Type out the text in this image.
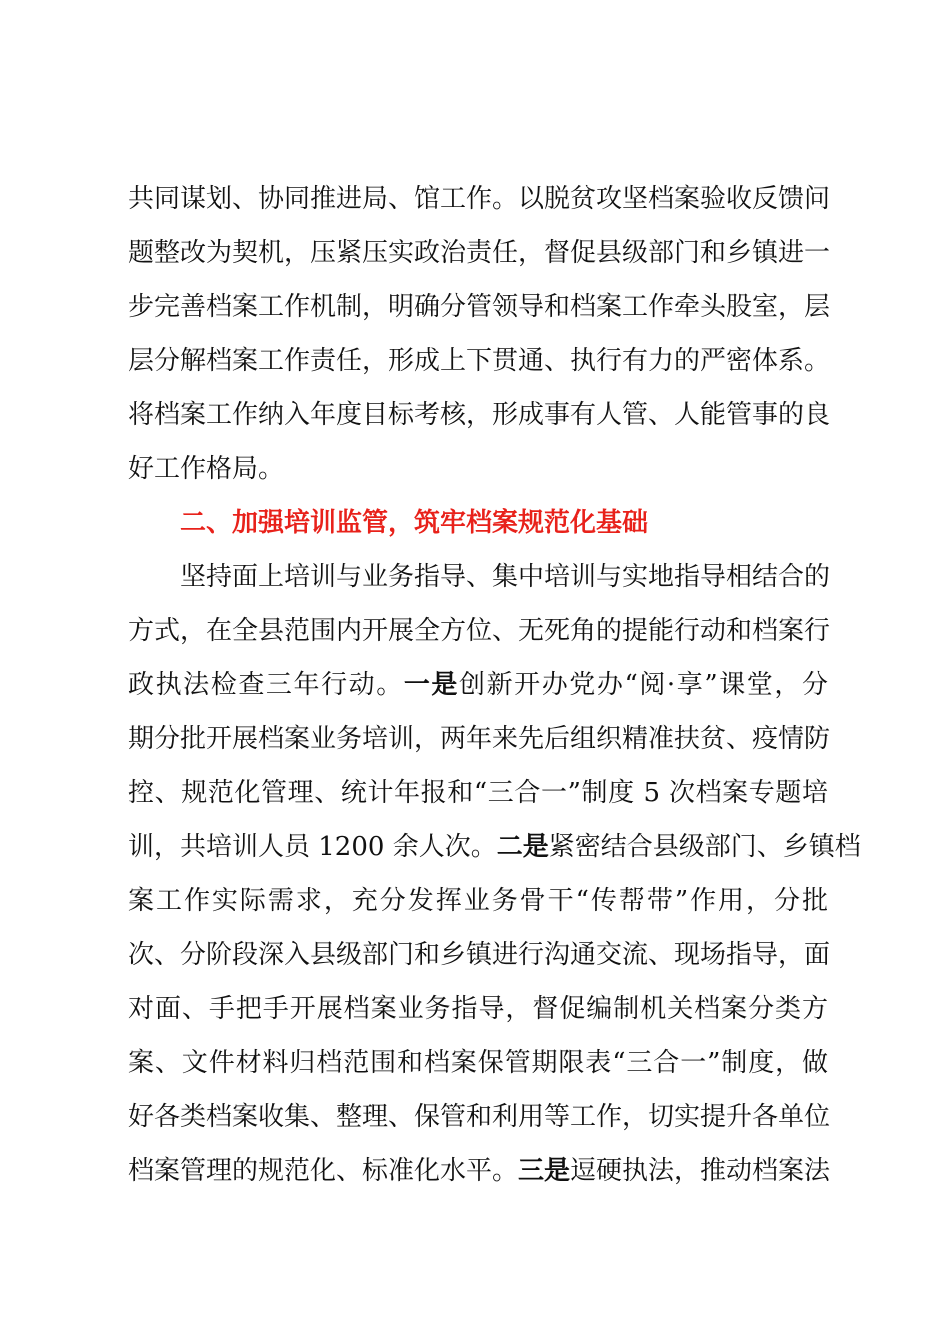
共同谋划、协同推进局、馆工作。以脱贫攻坚档案验收反馈问
题整改为契机，压紧压实政治责任，督促县级部门和乡镇进一
步完善档案工作机制，明确分管领导和档案工作牵头股室，层
层分解档案工作责任，形成上下贯通、执行有力的严密体系。
将档案工作纳入年度目标考核，形成事有人管、人能管事的良
好工作格局。
二、加强培训监管，筑牢档案规范化基础
坚持面上培训与业务指导、集中培训与实地指导相结合的
方式，在全县范围内开展全方位、无死角的提能行动和档案行
政执法检查三年行动。一是创新开办党办“阅·享”课堂，分
期分批开展档案业务培训，两年来先后组织精准扶贫、疫情防
控、规范化管理、统计年报和“三合一”制度 5 次档案专题培
训，共培训人员 1200 余人次。二是紧密结合县级部门、乡镇档
案工作实际需求，充分发挥业务骨干“传帮带”作用，分批
次、分阶段深入县级部门和乡镇进行沟通交流、现场指导，面
对面、手把手开展档案业务指导，督促编制机关档案分类方
案、文件材料归档范围和档案保管期限表“三合一”制度，做
好各类档案收集、整理、保管和利用等工作，切实提升各单位
档案管理的规范化、标准化水平。三是逗硬执法，推动档案法
